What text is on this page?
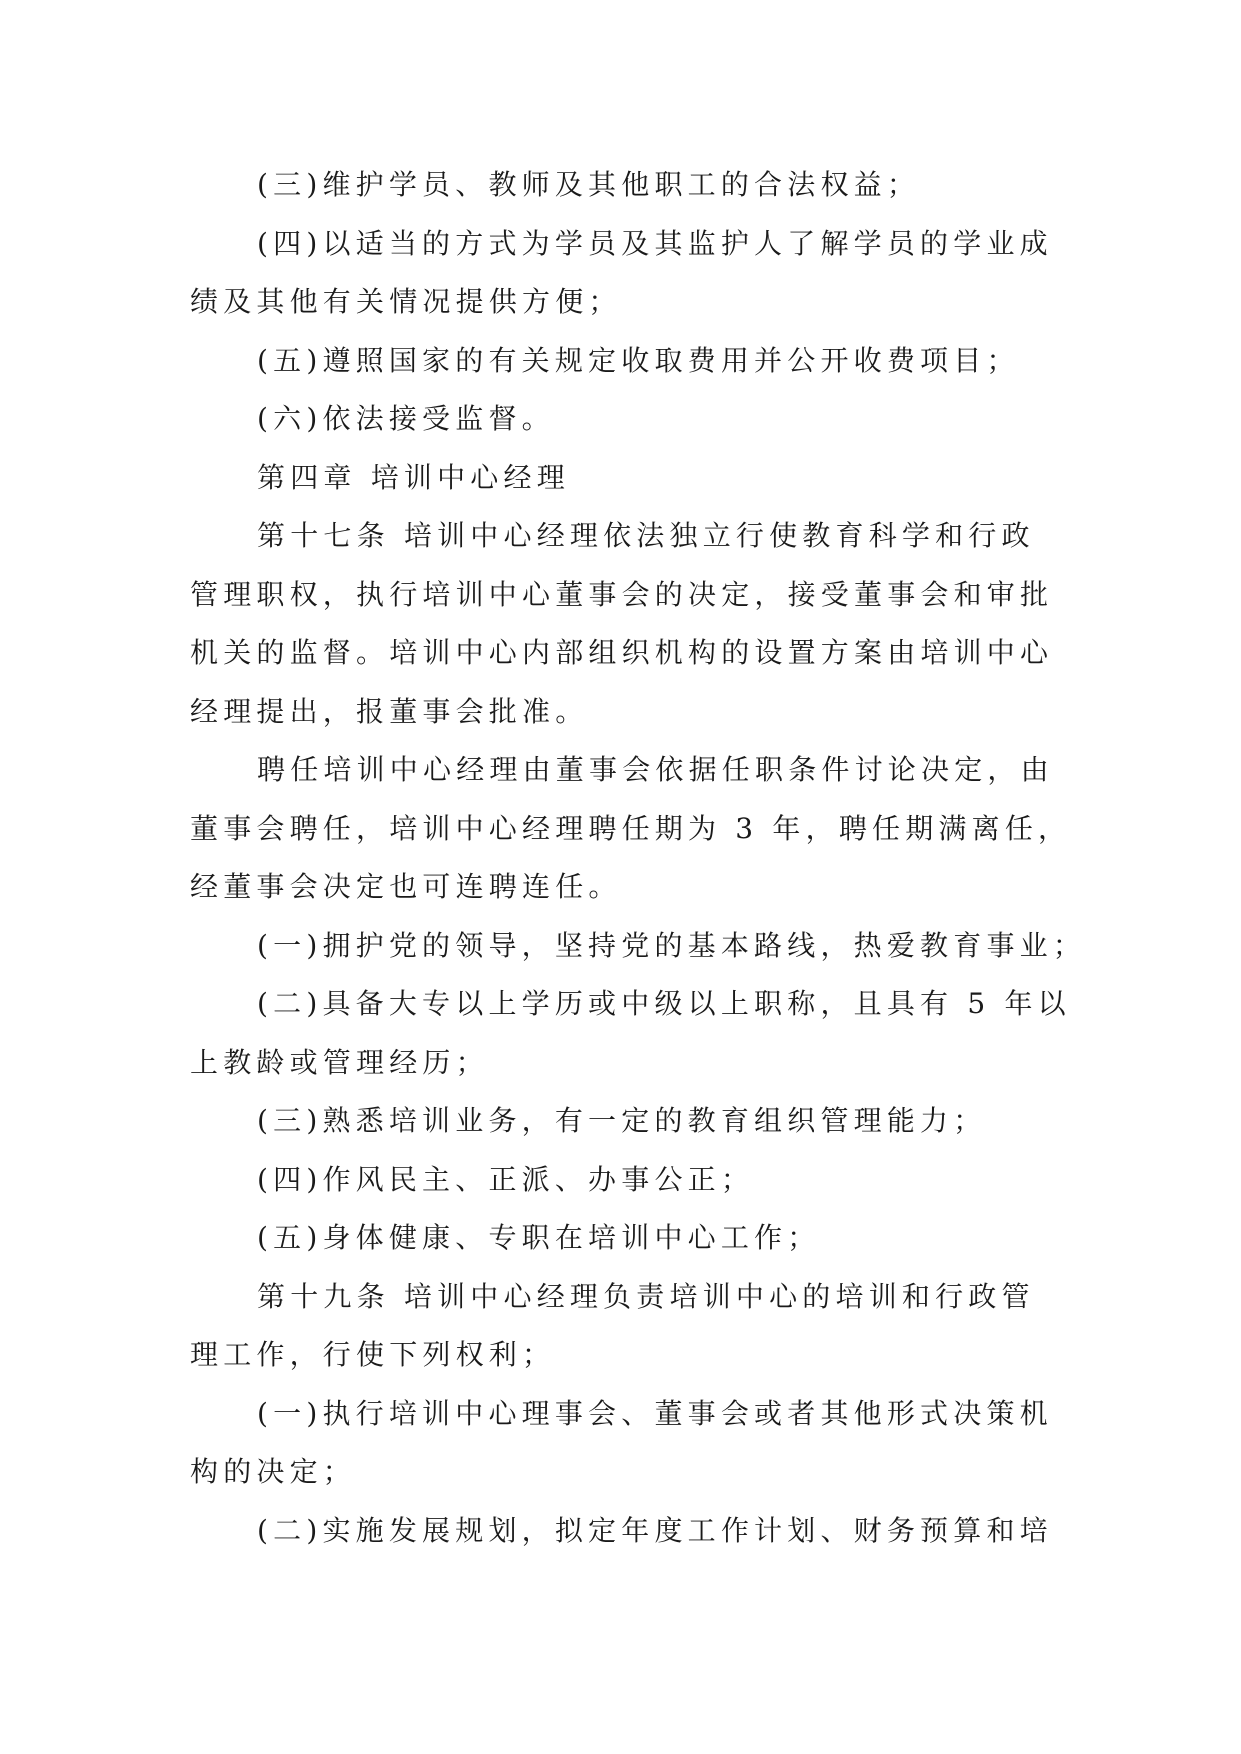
(三)维护学员、教师及其他职工的合法权益；
(四)以适当的方式为学员及其监护人了解学员的学业成
绩及其他有关情况提供方便；
(五)遵照国家的有关规定收取费用并公开收费项目；
(六)依法接受监督。
第四章 培训中心经理
第十七条 培训中心经理依法独立行使教育科学和行政
管理职权，执行培训中心董事会的决定，接受董事会和审批
机关的监督。培训中心内部组织机构的设置方案由培训中心
经理提出，报董事会批准。
聘任培训中心经理由董事会依据任职条件讨论决定，由
董事会聘任，培训中心经理聘任期为 3 年，聘任期满离任，
经董事会决定也可连聘连任。
(一)拥护党的领导，坚持党的基本路线，热爱教育事业；
(二)具备大专以上学历或中级以上职称，且具有 5 年以
上教龄或管理经历；
(三)熟悉培训业务，有一定的教育组织管理能力；
(四)作风民主、正派、办事公正；
(五)身体健康、专职在培训中心工作；
第十九条 培训中心经理负责培训中心的培训和行政管
理工作，行使下列权利；
(一)执行培训中心理事会、董事会或者其他形式决策机
构的决定；
(二)实施发展规划，拟定年度工作计划、财务预算和培
